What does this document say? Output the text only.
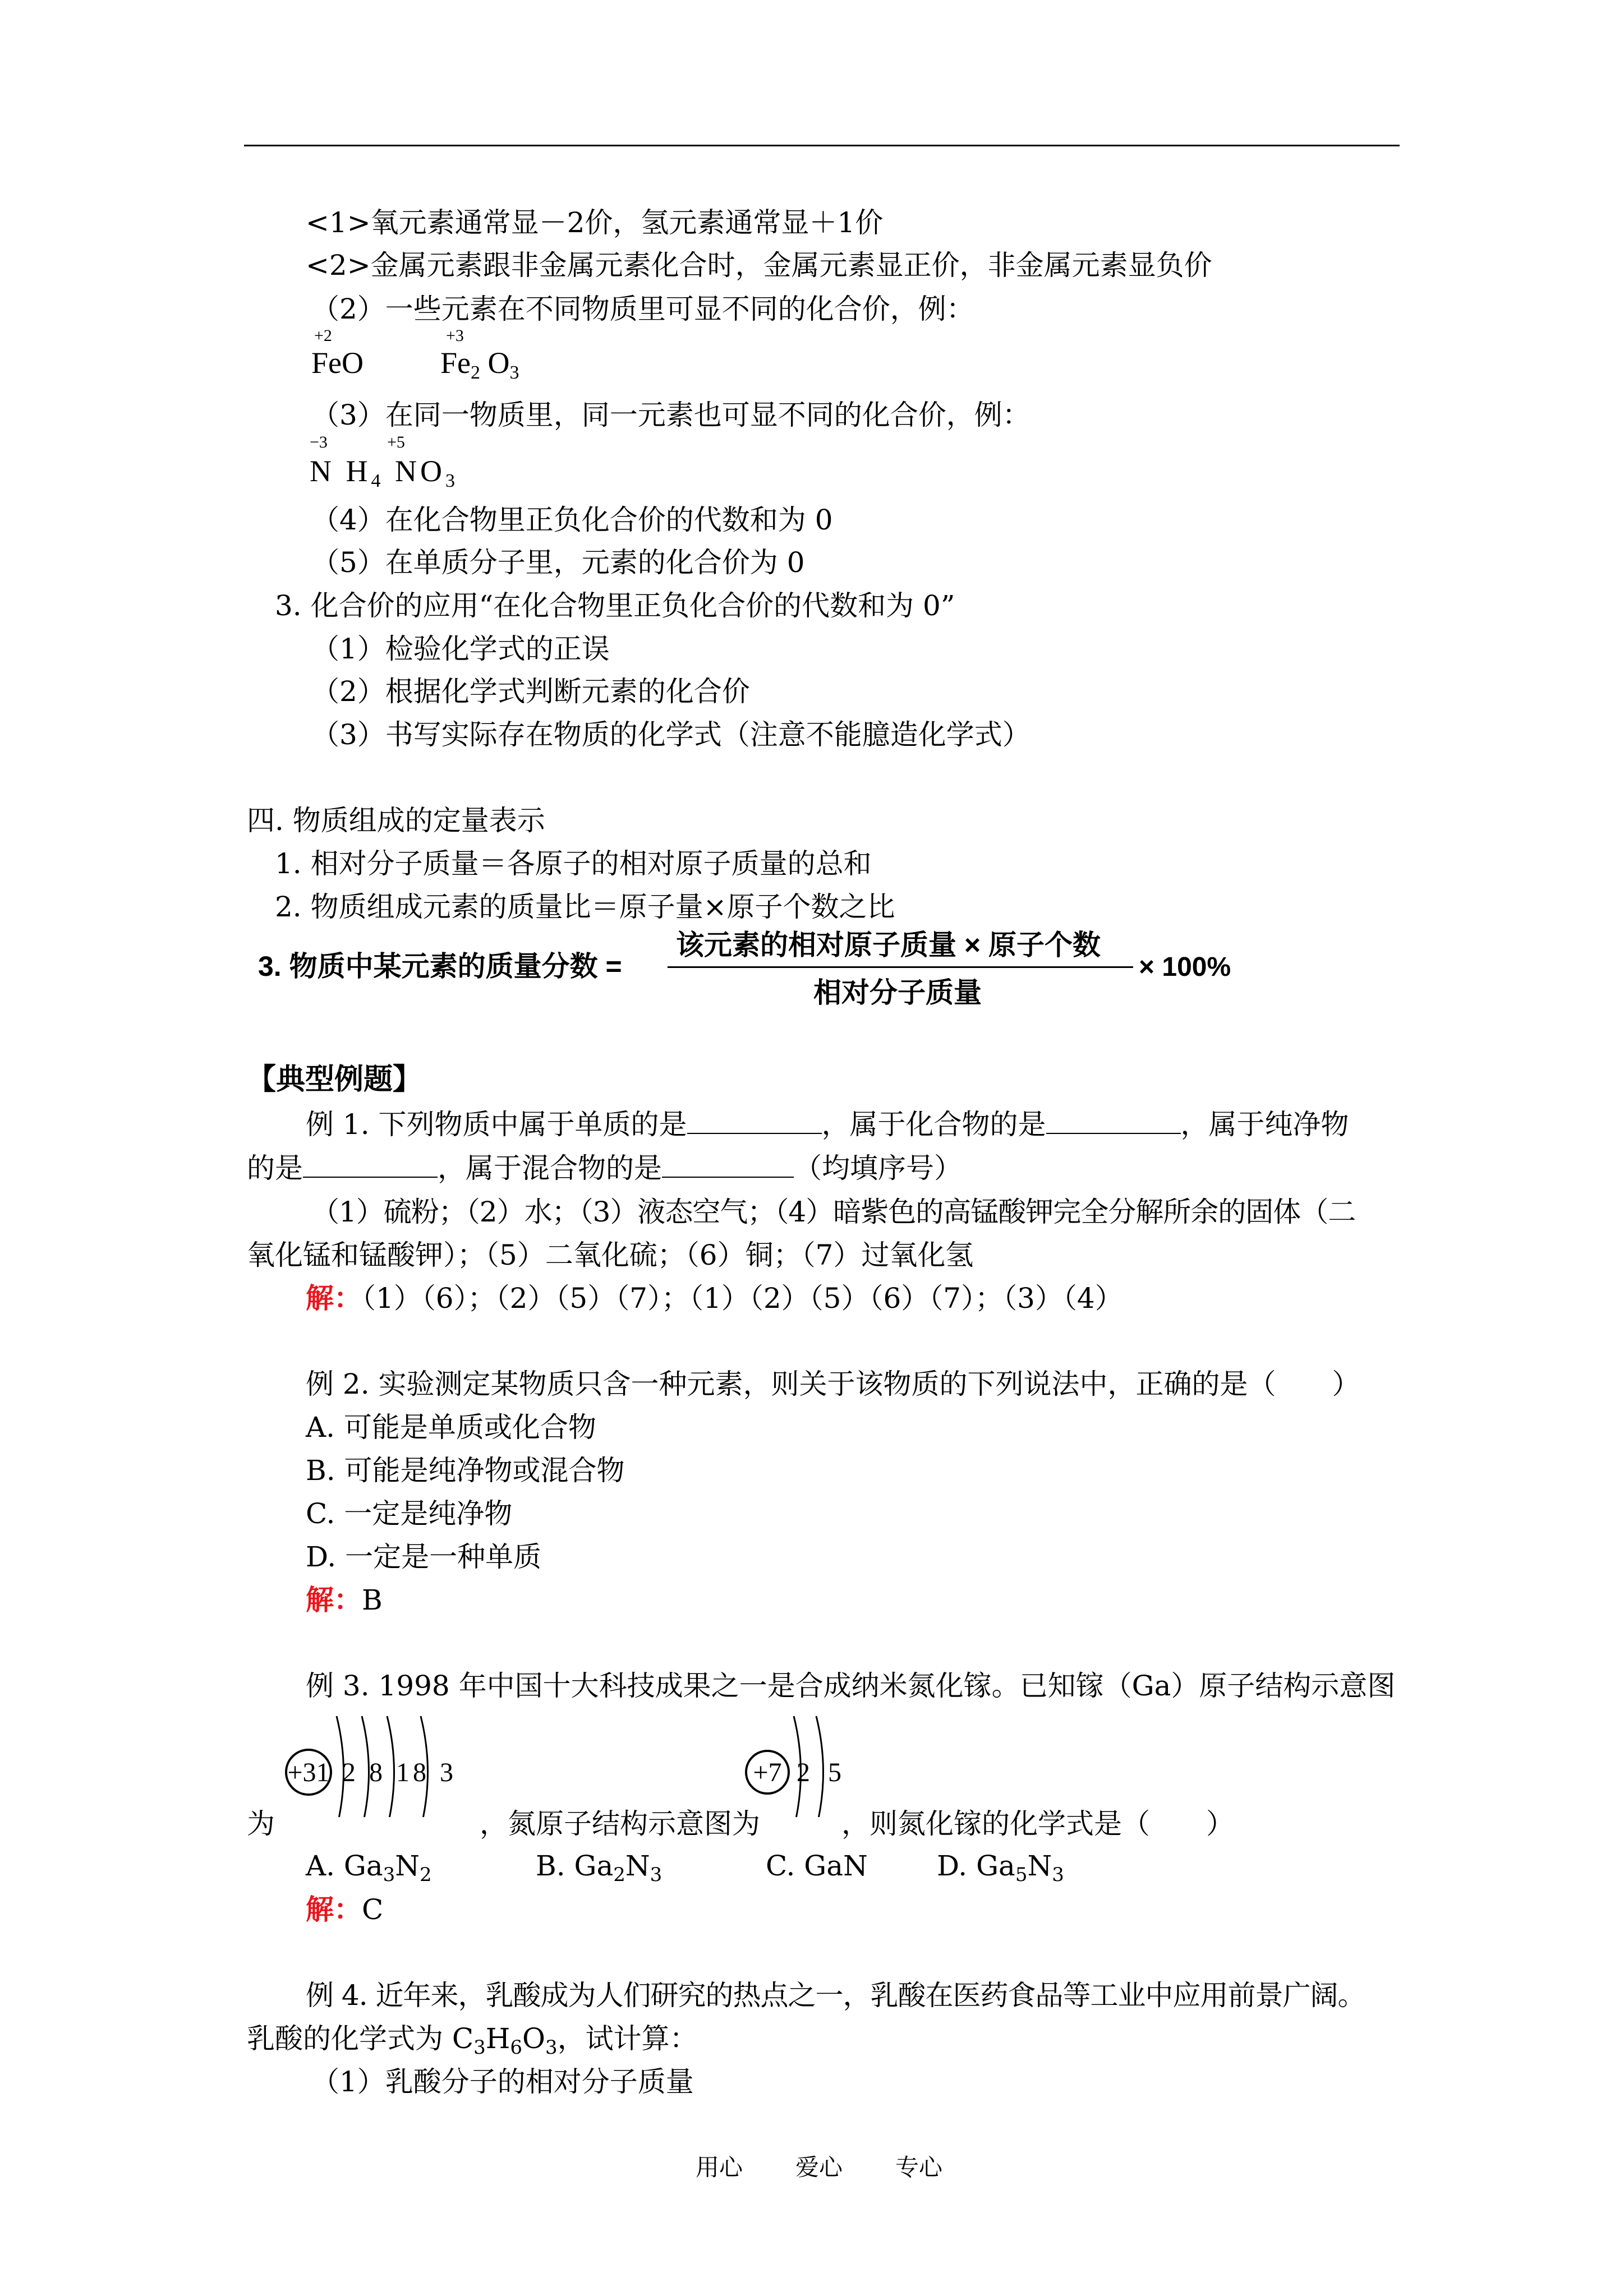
<1>氧元素通常显－2价，氢元素通常显＋1价
<2>金属元素跟非金属元素化合时，金属元素显正价，非金属元素显负价
（2）一些元素在不同物质里可显不同的化合价，例：
+2
FeO
+3
$Fe_2$ $O_3$
（3）在同一物质里，同一元素也可显不同的化合价，例：
−3	+5
N $H_4$ $NO_3$
（4）在化合物里正负化合价的代数和为 0
（5）在单质分子里，元素的化合价为 0
3. 化合价的应用“在化合物里正负化合价的代数和为 0”
（1）检验化学式的正误
（2）根据化学式判断元素的化合价
（3）书写实际存在物质的化学式（注意不能臆造化学式）
四. 物质组成的定量表示
1. 相对分子质量＝各原子的相对原子质量的总和
2. 物质组成元素的质量比＝原子量×原子个数之比
3. 物质中某元素的质量分数 =
该元素的相对原子质量 × 原子个数
相对分子质量
× 100%
【典型例题】
例 1. 下列物质中属于单质的是	，属于化合物的是	，属于纯净物
的是	，属于混合物的是	（均填序号）
（1）硫粉；（2）水；（3）液态空气；（4）暗紫色的高锰酸钾完全分解所余的固体（二
氧化锰和锰酸钾）；（5）二氧化硫；（6）铜；（7）过氧化氢
解：（1）（6）；（2）（5）（7）；（1）（2）（5）（6）（7）；（3）（4）
例 2. 实验测定某物质只含一种元素，则关于该物质的下列说法中，正确的是（　　）
A. 可能是单质或化合物
B. 可能是纯净物或混合物
C. 一定是纯净物
D. 一定是一种单质
解：B
例 3. 1998 年中国十大科技成果之一是合成纳米氮化镓。已知镓（Ga）原子结构示意图
+31 2 8 18 3	+7 2 5
为	，氮原子结构示意图为	，则氮化镓的化学式是（　　）
A. $Ga_3N_2$	B. $Ga_2N_3$	C. GaN D. $Ga_5N_3$
解：C
例 4. 近年来，乳酸成为人们研究的热点之一，乳酸在医药食品等工业中应用前景广阔。
乳酸的化学式为 $C_3H_6O_3$，试计算：
（1）乳酸分子的相对分子质量
用心 爱心 专心
